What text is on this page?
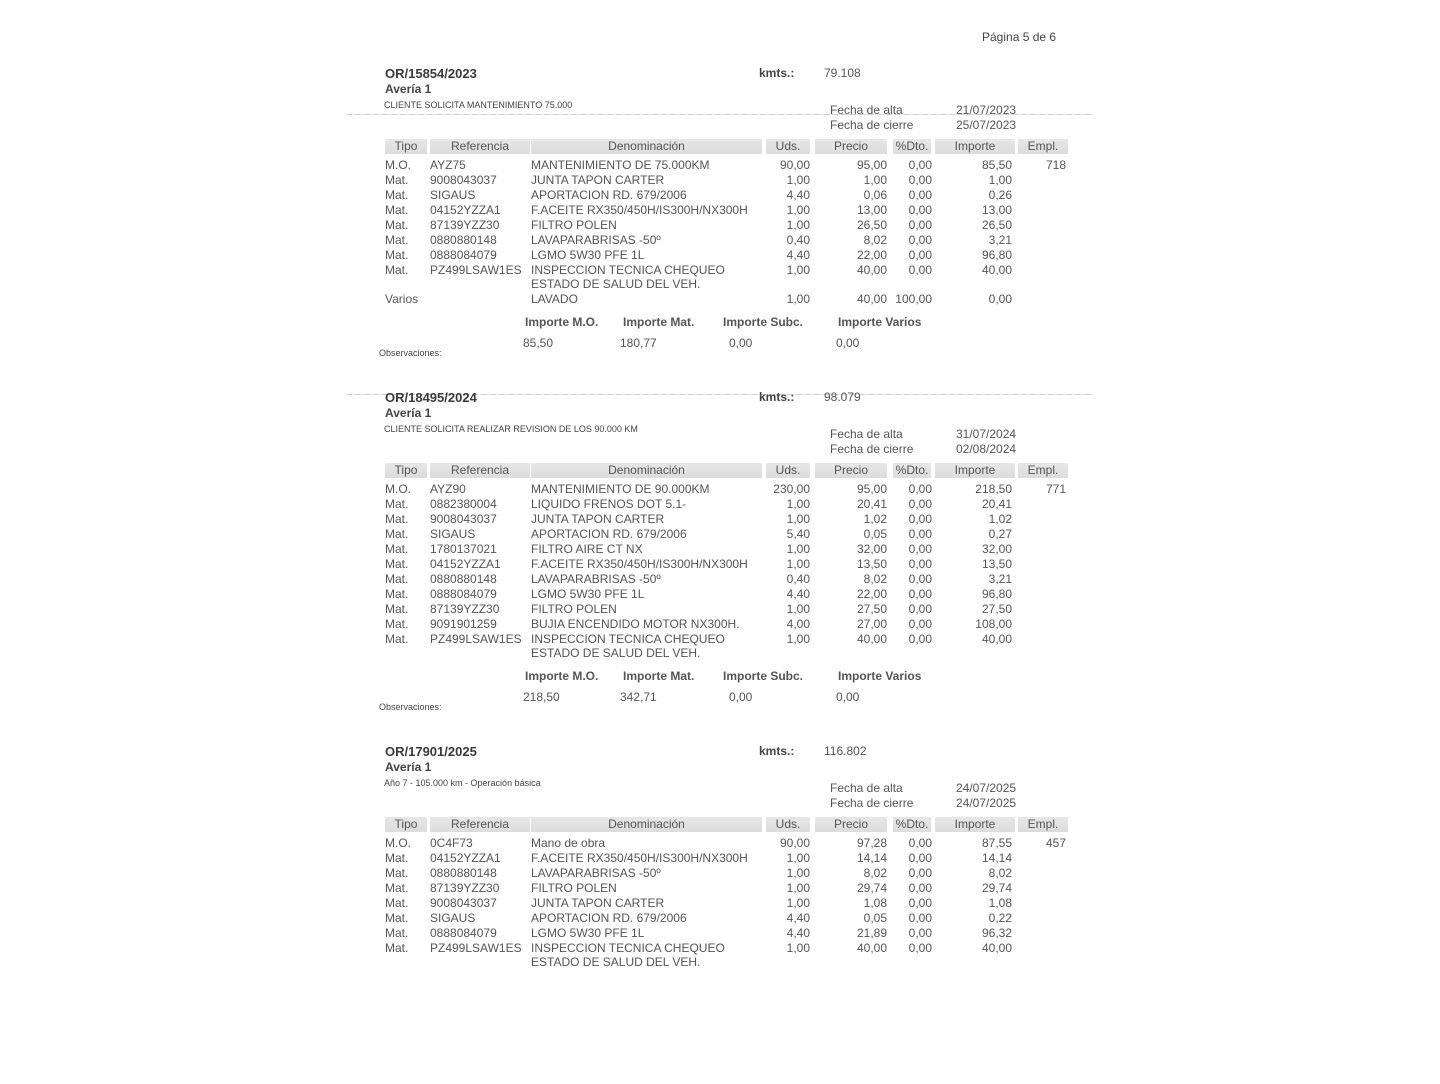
Página 5 de 6
OR/15854/2023	kmts.: 79.108
Avería 1
CLIENTE SOLICITA MANTENIMIENTO 75.000	Fecha de alta	21/07/2023
Fecha de cierre	25/07/2023
Tipo	Referencia	Denominación	Uds.	Precio	%Dto.	Importe	Empl.
M.O. AYZ75	MANTENIMIENTO DE 75.000KM	90,00	95,00 0,00	85,50	718
Mat. 9008043037	JUNTA TAPON CARTER	1,00	1,00 0,00	1,00
Mat. SIGAUS	APORTACION RD. 679/2006	4,40	0,06 0,00	0,26
Mat. 04152YZZA1	F.ACEITE RX350/450H/IS300H/NX300H	1,00	13,00 0,00	13,00
Mat. 87139YZZ30	FILTRO POLEN	1,00	26,50 0,00	26,50
Mat. 0880880148	LAVAPARABRISAS -50º	0,40	8,02 0,00	3,21
Mat. 0888084079	LGMO 5W30 PFE 1L	4,40	22,00 0,00	96,80
Mat. PZ499LSAW1ES INSPECCION TECNICA CHEQUEO	1,00	40,00 0,00	40,00
ESTADO DE SALUD DEL VEH.
Varios	LAVADO	1,00	40,00 100,00	0,00
Importe M.O.
85,50
Importe Mat.
180,77
Importe Subc.
0,00
Importe Varios
0,00
Observaciones:
OR/18495/2024	kmts.: 98.079
Avería 1
CLIENTE SOLICITA REALIZAR REVISION DE LOS 90.000 KM	Fecha de alta	31/07/2024
Fecha de cierre	02/08/2024
Tipo	Referencia	Denominación	Uds.	Precio	%Dto.	Importe	Empl.
M.O. AYZ90	MANTENIMIENTO DE 90.000KM	230,00	95,00 0,00	218,50	771
Mat. 0882380004	LIQUIDO FRENOS DOT 5.1-	1,00	20,41 0,00	20,41
Mat. 9008043037	JUNTA TAPON CARTER	1,00	1,02 0,00	1,02
Mat. SIGAUS	APORTACION RD. 679/2006	5,40	0,05 0,00	0,27
Mat. 1780137021	FILTRO AIRE CT NX	1,00	32,00 0,00	32,00
Mat. 04152YZZA1	F.ACEITE RX350/450H/IS300H/NX300H	1,00	13,50 0,00	13,50
Mat. 0880880148	LAVAPARABRISAS -50º	0,40	8,02 0,00	3,21
Mat. 0888084079	LGMO 5W30 PFE 1L	4,40	22,00 0,00	96,80
Mat. 87139YZZ30	FILTRO POLEN	1,00	27,50 0,00	27,50
Mat. 9091901259	BUJIA ENCENDIDO MOTOR NX300H.	4,00	27,00 0,00	108,00
Mat. PZ499LSAW1ES INSPECCION TECNICA CHEQUEO	1,00	40,00 0,00	40,00
ESTADO DE SALUD DEL VEH.
Importe M.O.
218,50
Importe Mat.
342,71
Importe Subc.
0,00
Importe Varios
0,00
Observaciones:
OR/17901/2025	kmts.: 116.802
Avería 1
Año 7 - 105.000 km - Operación básica	Fecha de alta	24/07/2025
Fecha de cierre	24/07/2025
Tipo	Referencia	Denominación	Uds.	Precio	%Dto.	Importe	Empl.
M.O. 0C4F73	Mano de obra	90,00	97,28 0,00	87,55	457
Mat. 04152YZZA1	F.ACEITE RX350/450H/IS300H/NX300H	1,00	14,14 0,00	14,14
Mat. 0880880148	LAVAPARABRISAS -50º	1,00	8,02 0,00	8,02
Mat. 87139YZZ30	FILTRO POLEN	1,00	29,74 0,00	29,74
Mat. 9008043037	JUNTA TAPON CARTER	1,00	1,08 0,00	1,08
Mat. SIGAUS	APORTACION RD. 679/2006	4,40	0,05 0,00	0,22
Mat. 0888084079	LGMO 5W30 PFE 1L	4,40	21,89 0,00	96,32
Mat. PZ499LSAW1ES INSPECCION TECNICA CHEQUEO	1,00	40,00 0,00	40,00
ESTADO DE SALUD DEL VEH.
